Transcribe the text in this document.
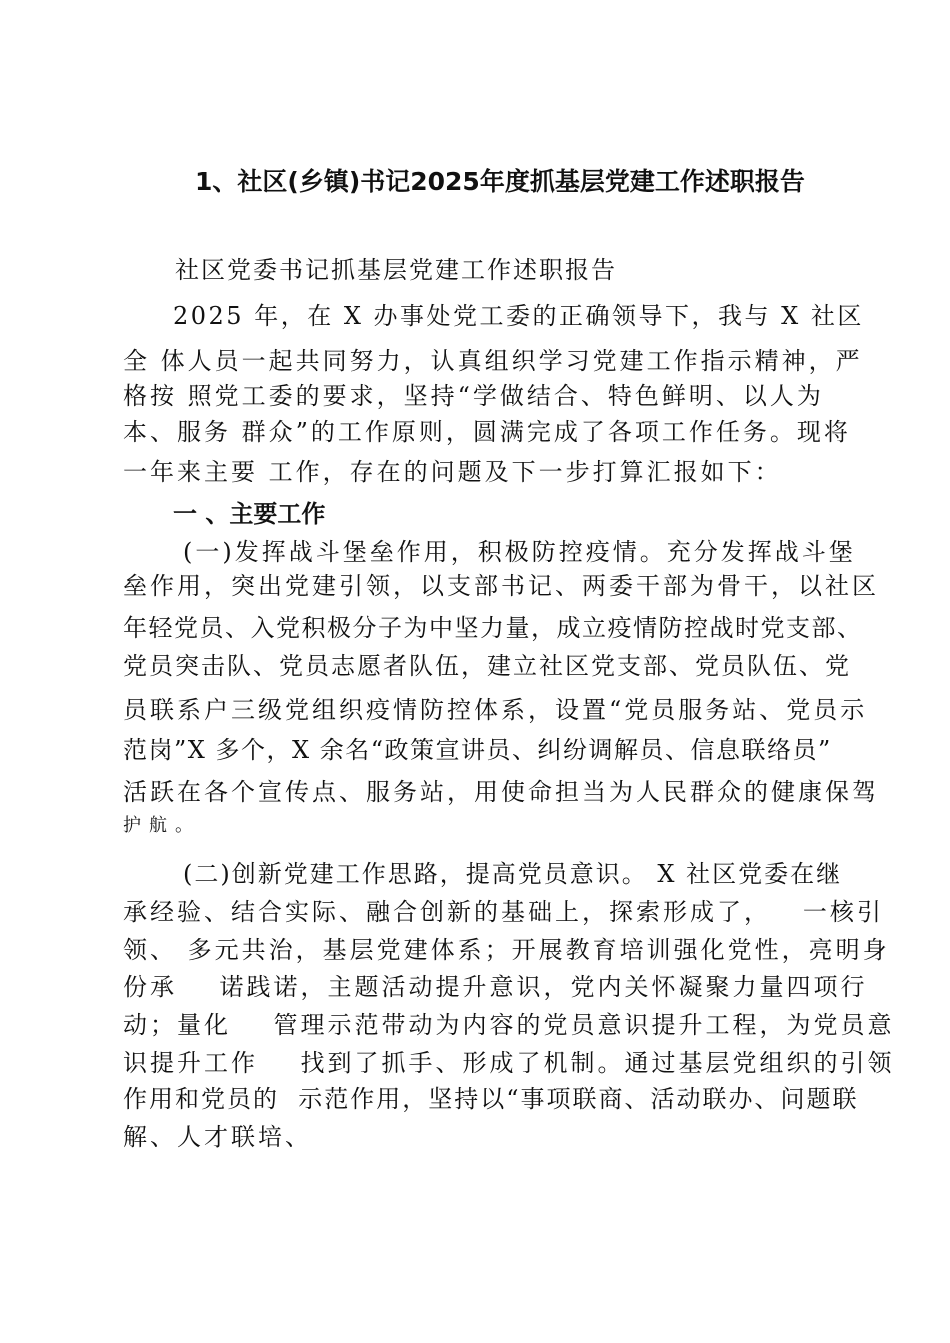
1、社区(乡镇)书记2025年度抓基层党建工作述职报告
社区党委书记抓基层党建工作述职报告
2025 年，在 X 办事处党工委的正确领导下，我与 X 社区
全 体人员一起共同努力，认真组织学习党建工作指示精神，严
格按 照党工委的要求，坚持“学做结合、特色鲜明、以人为
本、服务 群众”的工作原则，圆满完成了各项工作任务。现将
一年来主要 工作，存在的问题及下一步打算汇报如下：
一 、主要工作
(一)发挥战斗堡垒作用，积极防控疫情。充分发挥战斗堡
垒作用，突出党建引领，以支部书记、两委干部为骨干，以社区
年轻党员、入党积极分子为中坚力量，成立疫情防控战时党支部、
党员突击队、党员志愿者队伍，建立社区党支部、党员队伍、党
员联系户三级党组织疫情防控体系，设置“党员服务站、党员示
范岗”X 多个，X 余名“政策宣讲员、纠纷调解员、信息联络员”
活跃在各个宣传点、服务站，用使命担当为人民群众的健康保驾
护航。
(二)创新党建工作思路，提高党员意识。 X 社区党委在继
承经验、结合实际、融合创新的基础上，探索形成了，   一核引
领、 多元共治，基层党建体系；开展教育培训强化党性，亮明身
份承    诺践诺，主题活动提升意识，党内关怀凝聚力量四项行
动；量化    管理示范带动为内容的党员意识提升工程，为党员意
识提升工作    找到了抓手、形成了机制。通过基层党组织的引领
作用和党员的  示范作用，坚持以“事项联商、活动联办、问题联
解、人才联培、
